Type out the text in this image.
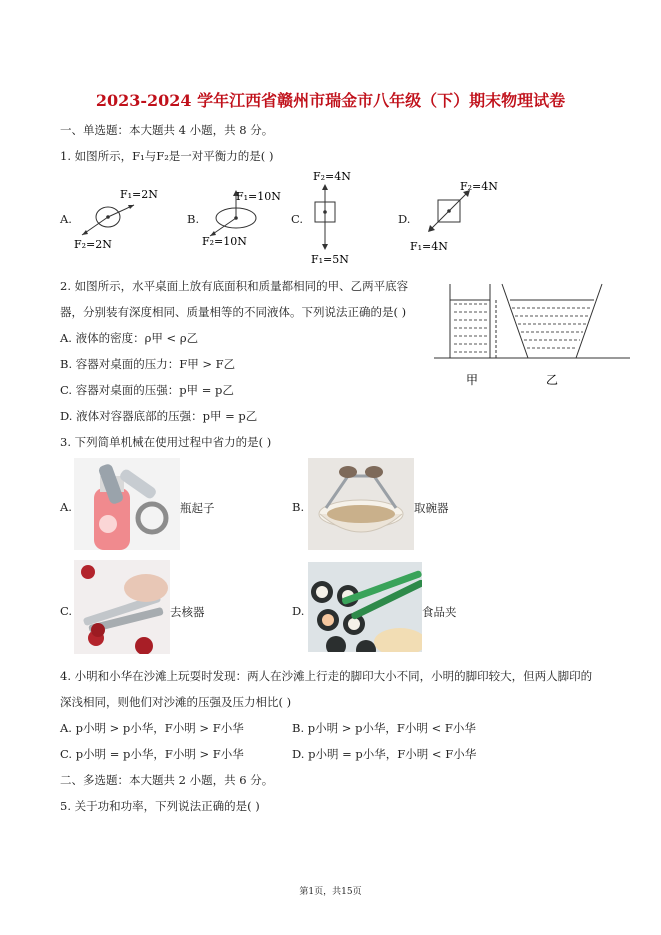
2023-2024 学年江西省赣州市瑞金市八年级（下）期末物理试卷
一、单选题：本大题共 4 小题，共 8 分。
1. 如图所示，F₁与F₂是一对平衡力的是( )
A.
F₁=2N
F₂=2N
B.
F₁=10N
F₂=10N
C.
F₂=4N
F₁=5N
D.
F₂=4N
F₁=4N
2. 如图所示，水平桌面上放有底面积和质量都相同的甲、乙两平底容
器，分别装有深度相同、质量相等的不同液体。下列说法正确的是( )
A. 液体的密度：ρ甲 < ρ乙
B. 容器对桌面的压力：F甲 > F乙
C. 容器对桌面的压强：p甲 = p乙
D. 液体对容器底部的压强：p甲 = p乙
甲	乙
3. 下列简单机械在使用过程中省力的是( )
A.	瓶起子	B.	取碗器
C.	去核器	D.	食品夹
4. 小明和小华在沙滩上玩耍时发现：两人在沙滩上行走的脚印大小不同，小明的脚印较大，但两人脚印的
深浅相同，则他们对沙滩的压强及压力相比( )
A. p小明 > p小华，F小明 > F小华	B. p小明 > p小华，F小明 < F小华
C. p小明 = p小华，F小明 > F小华	D. p小明 = p小华，F小明 < F小华
二、多选题：本大题共 2 小题，共 6 分。
5. 关于功和功率，下列说法正确的是( )
第1页，共15页
